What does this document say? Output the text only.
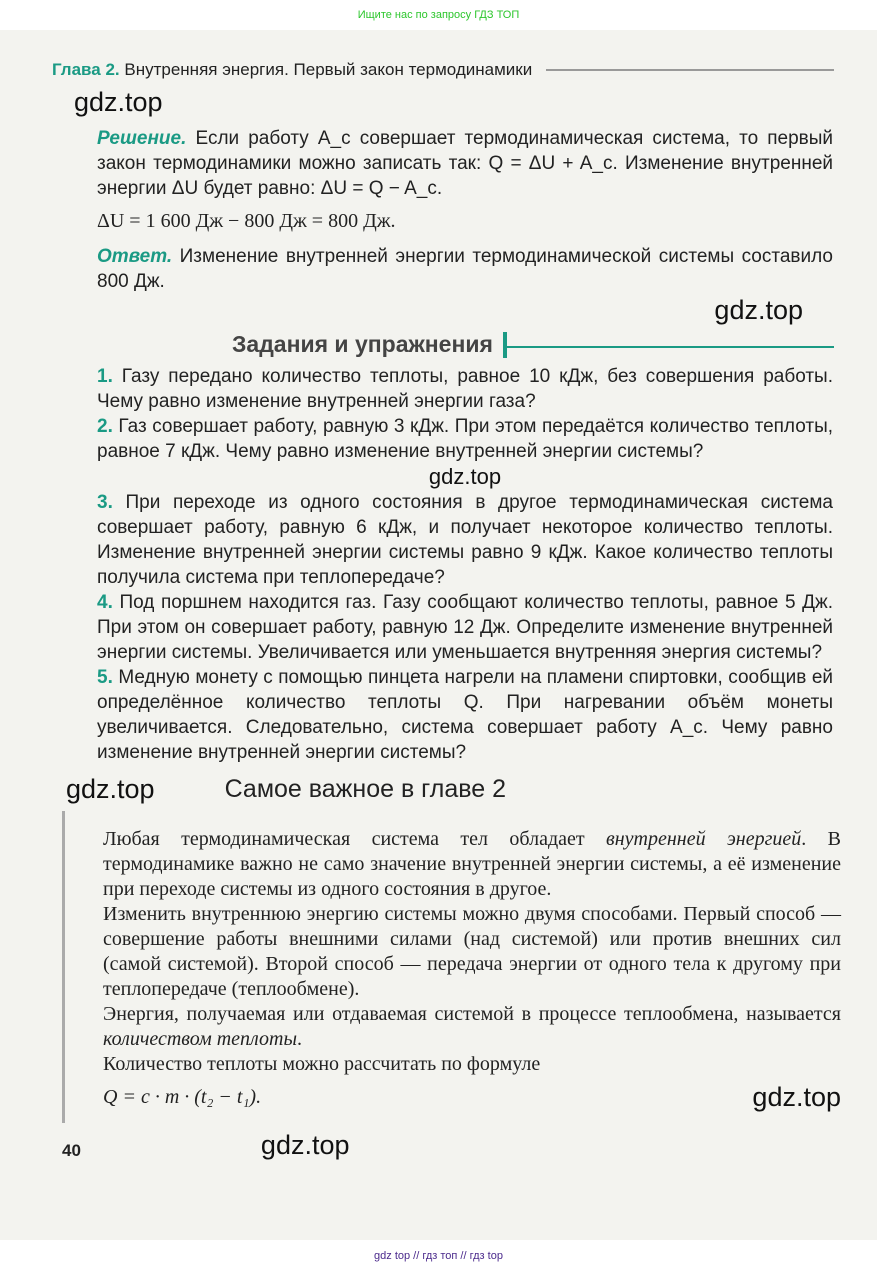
Ищите нас по запросу ГДЗ ТОП
Глава 2. Внутренняя энергия. Первый закон термодинамики
gdz.top
Решение. Если работу A_c совершает термодинамическая система, то первый закон термодинамики можно записать так: Q = ΔU + A_c. Изменение внутренней энергии ΔU будет равно: ΔU = Q − A_c.
ΔU = 1 600 Дж − 800 Дж = 800 Дж.
Ответ. Изменение внутренней энергии термодинамической системы составило 800 Дж.
gdz.top
Задания и упражнения
1. Газу передано количество теплоты, равное 10 кДж, без совершения работы. Чему равно изменение внутренней энергии газа?
2. Газ совершает работу, равную 3 кДж. При этом передаётся количество теплоты, равное 7 кДж. Чему равно изменение внутренней энергии системы?
gdz.top
3. При переходе из одного состояния в другое термодинамическая система совершает работу, равную 6 кДж, и получает некоторое количество теплоты. Изменение внутренней энергии системы равно 9 кДж. Какое количество теплоты получила система при теплопередаче?
4. Под поршнем находится газ. Газу сообщают количество теплоты, равное 5 Дж. При этом он совершает работу, равную 12 Дж. Определите изменение внутренней энергии системы. Увеличивается или уменьшается внутренняя энергия системы?
5. Медную монету с помощью пинцета нагрели на пламени спиртовки, сообщив ей определённое количество теплоты Q. При нагревании объём монеты увеличивается. Следовательно, система совершает работу A_c. Чему равно изменение внутренней энергии системы?
gdz.top	Самое важное в главе 2
Любая термодинамическая система тел обладает внутренней энергией. В термодинамике важно не само значение внутренней энергии системы, а её изменение при переходе системы из одного состояния в другое.
Изменить внутреннюю энергию системы можно двумя способами. Первый способ — совершение работы внешними силами (над системой) или против внешних сил (самой системой). Второй способ — передача энергии от одного тела к другому при теплопередаче (теплообмене).
Энергия, получаемая или отдаваемая системой в процессе теплообмена, называется количеством теплоты.
Количество теплоты можно рассчитать по формуле
Q = c · m · (t₂ − t₁).	gdz.top
40	gdz.top
gdz top // гдз топ // гдз top
